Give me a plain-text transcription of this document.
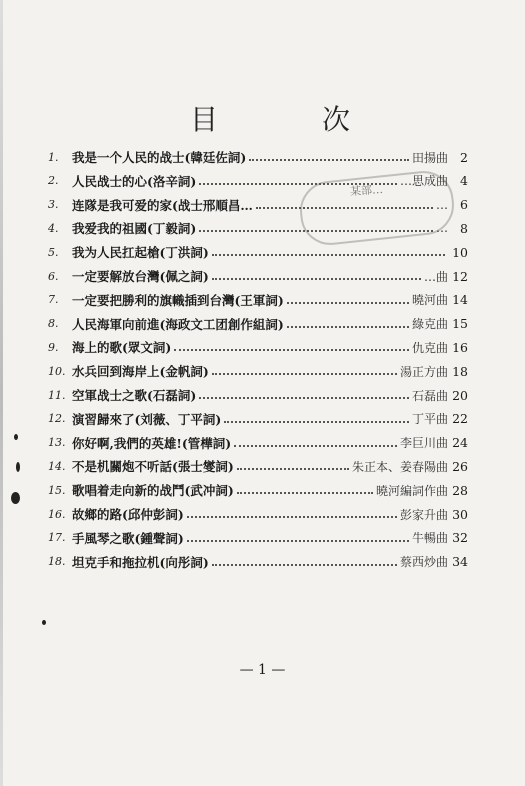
目	次
某部…
1.	我是一个人民的战士(韓廷佐詞)	田揚曲 2
2.	人民战士的心(洛辛詞)	…思成曲 4
3.	连隊是我可爱的家(战士邢順昌…	… 6
4.	我爱我的祖國(丁毅詞)	… 8
5.	我为人民扛起槍(丁洪詞)	10
6.	一定要解放台灣(佩之詞)	…曲 12
7.	一定要把勝利的旗幟插到台灣(王軍詞)	曉河曲 14
8.	人民海軍向前進(海政文工团創作組詞)	綠克曲 15
9.	海上的歌(眾文詞)	仇克曲 16
10. 水兵回到海岸上(金帆詞)	湯正方曲 18
11. 空軍战士之歌(石磊詞)	石磊曲 20
12. 演習歸來了(刘薇、丁平詞)	丁平曲 22
13. 你好啊,我們的英雄!(管樺詞)	李巨川曲 24
14. 不是机關炮不听話(張士燮詞)	朱正本、姜春陽曲 26
15. 歌唱着走向新的战鬥(武冲詞)	曉河編詞作曲 28
16. 故鄉的路(邱仲彭詞)	彭家升曲 30
17. 手風琴之歌(鍾聲詞)	牛暢曲 32
18. 坦克手和拖拉机(向彤詞)	蔡西炒曲 34
— 1 —
